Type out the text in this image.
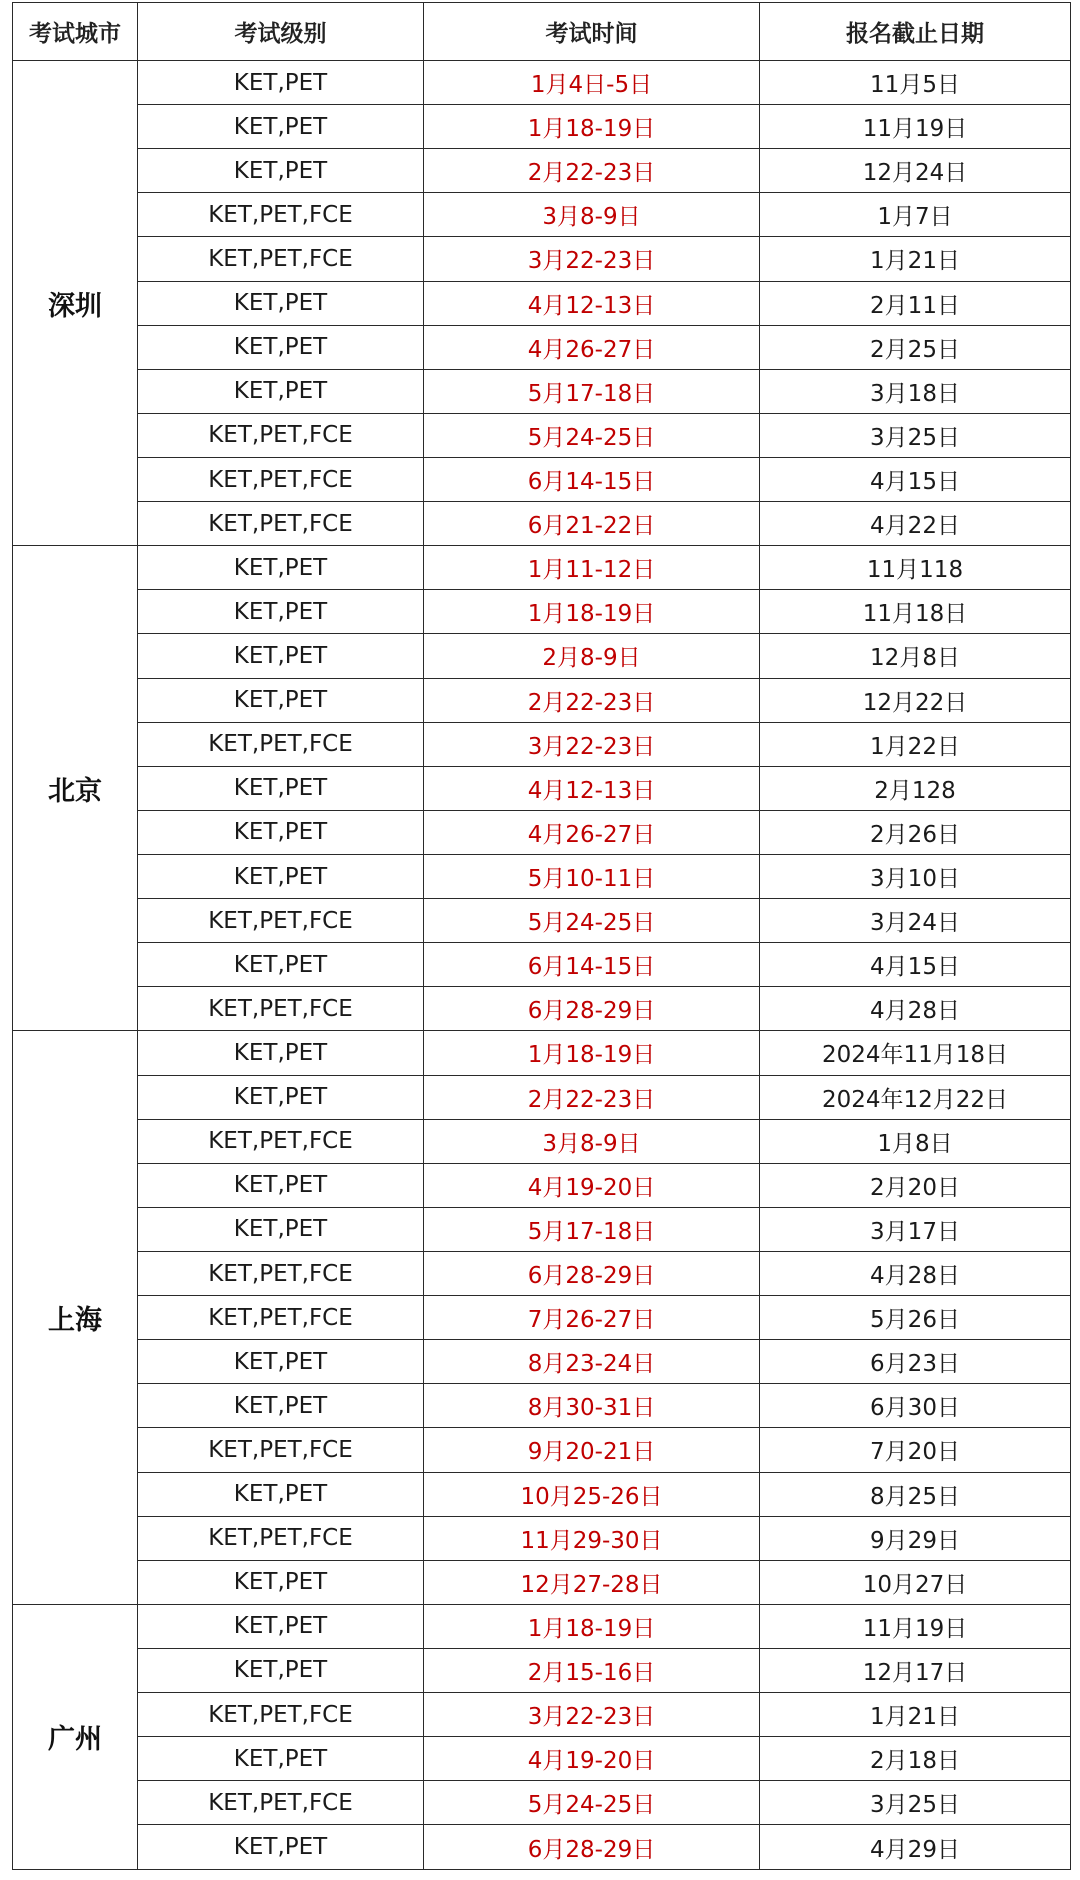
考试城市	考试级别	考试时间	报名截止日期
深圳	KET,PET	1月4日-5日	11月5日
	KET,PET	1月18-19日	11月19日
	KET,PET	2月22-23日	12月24日
	KET,PET,FCE	3月8-9日	1月7日
	KET,PET,FCE	3月22-23日	1月21日
	KET,PET	4月12-13日	2月11日
	KET,PET	4月26-27日	2月25日
	KET,PET	5月17-18日	3月18日
	KET,PET,FCE	5月24-25日	3月25日
	KET,PET,FCE	6月14-15日	4月15日
	KET,PET,FCE	6月21-22日	4月22日
北京	KET,PET	1月11-12日	11月118
	KET,PET	1月18-19日	11月18日
	KET,PET	2月8-9日	12月8日
	KET,PET	2月22-23日	12月22日
	KET,PET,FCE	3月22-23日	1月22日
	KET,PET	4月12-13日	2月128
	KET,PET	4月26-27日	2月26日
	KET,PET	5月10-11日	3月10日
	KET,PET,FCE	5月24-25日	3月24日
	KET,PET	6月14-15日	4月15日
	KET,PET,FCE	6月28-29日	4月28日
上海	KET,PET	1月18-19日	2024年11月18日
	KET,PET	2月22-23日	2024年12月22日
	KET,PET,FCE	3月8-9日	1月8日
	KET,PET	4月19-20日	2月20日
	KET,PET	5月17-18日	3月17日
	KET,PET,FCE	6月28-29日	4月28日
	KET,PET,FCE	7月26-27日	5月26日
	KET,PET	8月23-24日	6月23日
	KET,PET	8月30-31日	6月30日
	KET,PET,FCE	9月20-21日	7月20日
	KET,PET	10月25-26日	8月25日
	KET,PET,FCE	11月29-30日	9月29日
	KET,PET	12月27-28日	10月27日
广州	KET,PET	1月18-19日	11月19日
	KET,PET	2月15-16日	12月17日
	KET,PET,FCE	3月22-23日	1月21日
	KET,PET	4月19-20日	2月18日
	KET,PET,FCE	5月24-25日	3月25日
	KET,PET	6月28-29日	4月29日
